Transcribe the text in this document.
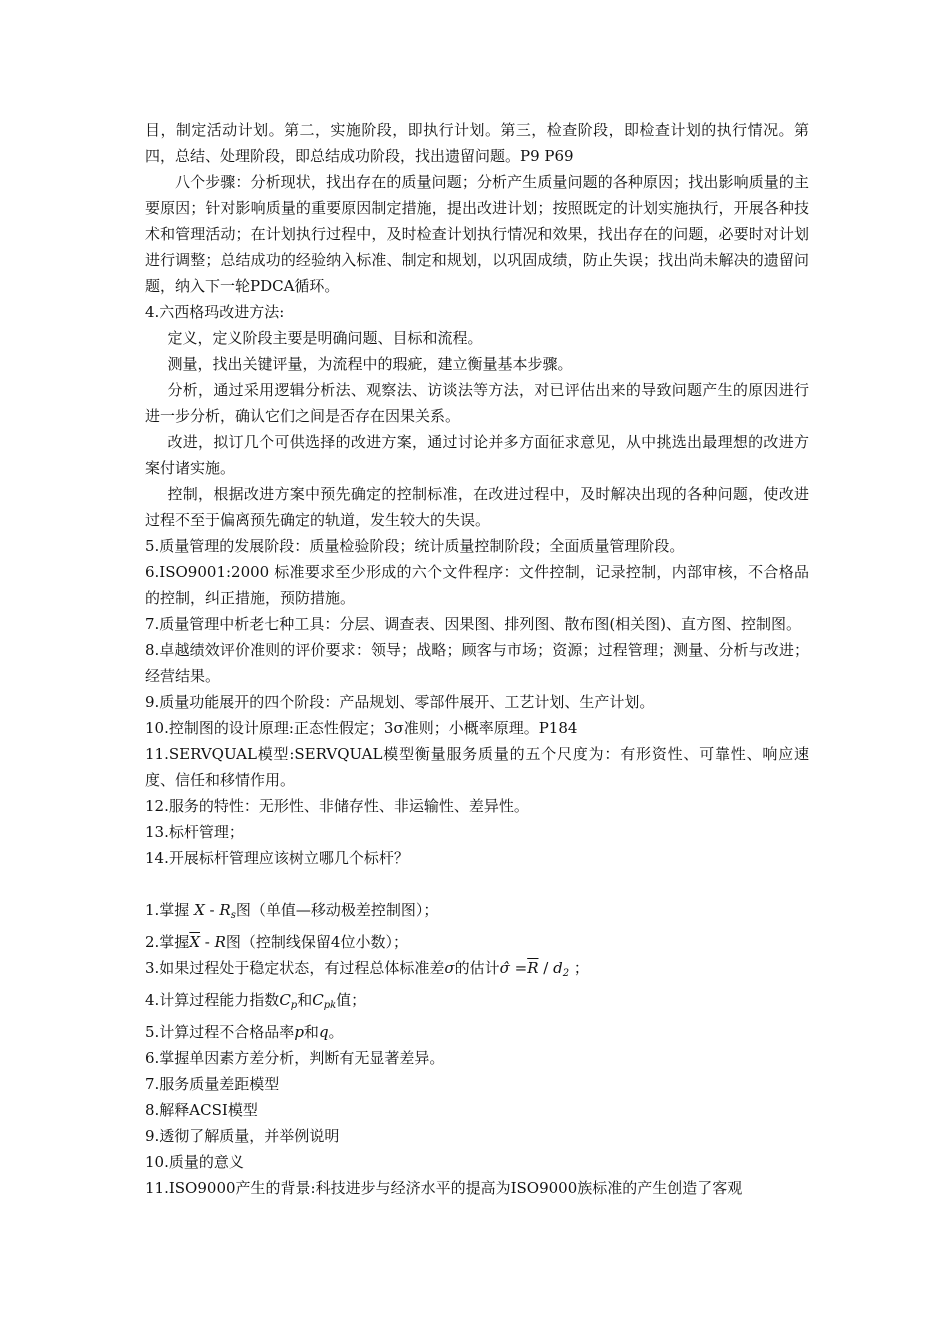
目，制定活动计划。第二，实施阶段，即执行计划。第三，检查阶段，即检查计划的执行情况。第四，总结、处理阶段，即总结成功阶段，找出遗留问题。P9 P69

八个步骤：分析现状，找出存在的质量问题；分析产生质量问题的各种原因；找出影响质量的主要原因；针对影响质量的重要原因制定措施，提出改进计划；按照既定的计划实施执行，开展各种技术和管理活动；在计划执行过程中，及时检查计划执行情况和效果，找出存在的问题，必要时对计划进行调整；总结成功的经验纳入标准、制定和规划，以巩固成绩，防止失误；找出尚未解决的遗留问题，纳入下一轮PDCA循环。

4.六西格玛改进方法:

定义，定义阶段主要是明确问题、目标和流程。

测量，找出关键评量，为流程中的瑕疵，建立衡量基本步骤。

分析，通过采用逻辑分析法、观察法、访谈法等方法，对已评估出来的导致问题产生的原因进行进一步分析，确认它们之间是否存在因果关系。

改进，拟订几个可供选择的改进方案，通过讨论并多方面征求意见，从中挑选出最理想的改进方案付诸实施。

控制，根据改进方案中预先确定的控制标准，在改进过程中，及时解决出现的各种问题，使改进过程不至于偏离预先确定的轨道，发生较大的失误。

5.质量管理的发展阶段：质量检验阶段；统计质量控制阶段；全面质量管理阶段。

6.ISO9001:2000 标准要求至少形成的六个文件程序：文件控制，记录控制，内部审核，不合格品的控制，纠正措施，预防措施。

7.质量管理中析老七种工具：分层、调查表、因果图、排列图、散布图(相关图)、直方图、控制图。

8.卓越绩效评价准则的评价要求：领导；战略；顾客与市场；资源；过程管理；测量、分析与改进；经营结果。

9.质量功能展开的四个阶段：产品规划、零部件展开、工艺计划、生产计划。

10.控制图的设计原理:正态性假定；3σ准则；小概率原理。P184

11.SERVQUAL模型:SERVQUAL模型衡量服务质量的五个尺度为：有形资性、可靠性、响应速度、信任和移情作用。

12.服务的特性：无形性、非储存性、非运输性、差异性。

13.标杆管理；

14.开展标杆管理应该树立哪几个标杆？

1.掌握 X - $R_s$图（单值—移动极差控制图）；

2.掌握$\overline{X}$ - R图（控制线保留4位小数）；

3.如果过程处于稳定状态，有过程总体标准差σ的估计σ̂ $=\overline{R} / d_2$ ；

4.计算过程能力指数$C_p$和$C_{pk}$值；

5.计算过程不合格品率p和q。

6.掌握单因素方差分析，判断有无显著差异。

7.服务质量差距模型

8.解释ACSI模型

9.透彻了解质量，并举例说明

10.质量的意义

11.ISO9000产生的背景:科技进步与经济水平的提高为ISO9000族标准的产生创造了客观
